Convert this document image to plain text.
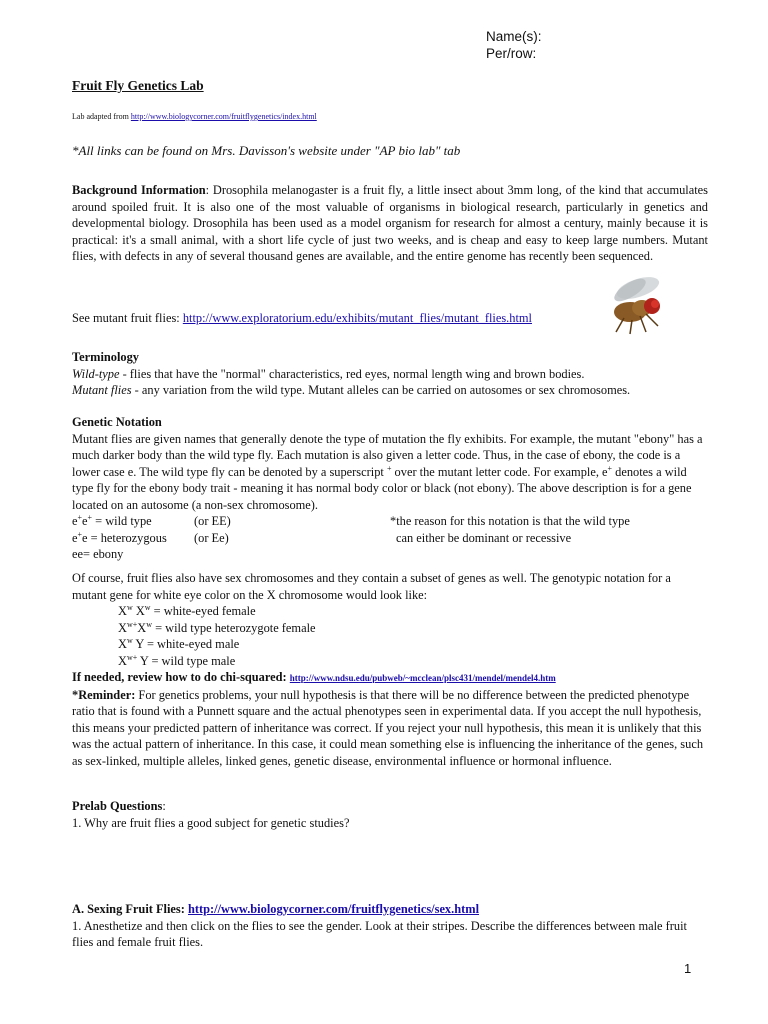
Name(s):
Per/row:
Fruit Fly Genetics Lab
Lab adapted from http://www.biologycorner.com/fruitflygenetics/index.html
*All links can be found on Mrs. Davisson's website under "AP bio lab" tab

Background Information: Drosophila melanogaster is a fruit fly, a little insect about 3mm long, of the kind that accumulates around spoiled fruit. It is also one of the most valuable of organisms in biological research, particularly in genetics and developmental biology. Drosophila has been used as a model organism for research for almost a century, mainly because it is practical: it's a small animal, with a short life cycle of just two weeks, and is cheap and easy to keep large numbers. Mutant flies, with defects in any of several thousand genes are available, and the entire genome has recently been sequenced.

See mutant fruit flies: http://www.exploratorium.edu/exhibits/mutant_flies/mutant_flies.html
Terminology
Wild-type - flies that have the "normal" characteristics, red eyes, normal length wing and brown bodies.
Mutant flies - any variation from the wild type. Mutant alleles can be carried on autosomes or sex chromosomes.
Genetic Notation
Mutant flies are given names that generally denote the type of mutation the fly exhibits. For example, the mutant "ebony" has a much darker body than the wild type fly. Each mutation is also given a letter code. Thus, in the case of ebony, the code is a lower case e. The wild type fly can be denoted by a superscript + over the mutant letter code. For example, e+ denotes a wild type fly for the ebony body trait - meaning it has normal body color or black (not ebony). The above description is for a gene located on an autosome (a non-sex chromosome).
e+e+ = wild type	(or EE)	*the reason for this notation is that the wild type
e+e = heterozygous (or Ee)	can either be dominant or recessive
ee= ebony
Of course, fruit flies also have sex chromosomes and they contain a subset of genes as well. The genotypic notation for a mutant gene for white eye color on the X chromosome would look like:
$X^w$ $X^w$ = white-eyed female
$X^{w+}X^w$ = wild type heterozygote female
$X^w$ Y = white-eyed male
$X^{w+}$ Y = wild type male
If needed, review how to do chi-squared: http://www.ndsu.edu/pubweb/~mcclean/plsc431/mendel/mendel4.htm
*Reminder: For genetics problems, your null hypothesis is that there will be no difference between the predicted phenotype ratio that is found with a Punnett square and the actual phenotypes seen in experimental data. If you accept the null hypothesis, this means your predicted pattern of inheritance was correct. If you reject your null hypothesis, this mean it is unlikely that this was the actual pattern of inheritance. In this case, it could mean something else is influencing the inheritance of the genes, such as sex-linked, multiple alleles, linked genes, genetic disease, environmental influence or hormonal influence.
Prelab Questions:
1. Why are fruit flies a good subject for genetic studies?
A. Sexing Fruit Flies: http://www.biologycorner.com/fruitflygenetics/sex.html
1. Anesthetize and then click on the flies to see the gender. Look at their stripes. Describe the differences between male fruit flies and female fruit flies.
1
